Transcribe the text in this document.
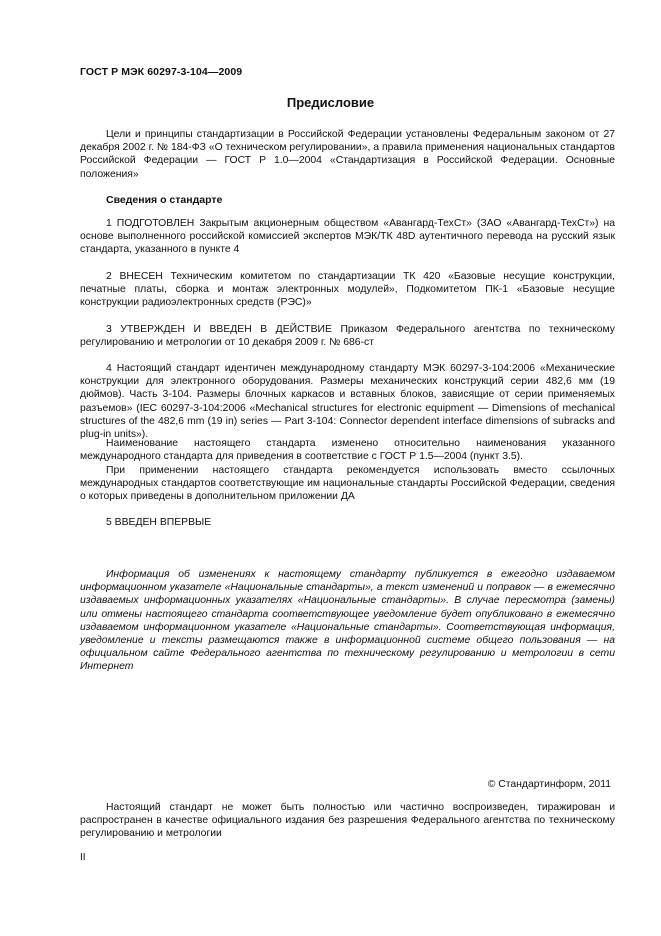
ГОСТ Р МЭК 60297-3-104—2009
Предисловие
Цели и принципы стандартизации в Российской Федерации установлены Федеральным законом от 27 декабря 2002 г. № 184-ФЗ «О техническом регулировании», а правила применения национальных стандартов Российской Федерации — ГОСТ Р 1.0—2004 «Стандартизация в Российской Федерации. Основные положения»
Сведения о стандарте
1 ПОДГОТОВЛЕН Закрытым акционерным обществом «Авангард-ТехСт» (ЗАО «Авангард-ТехСт») на основе выполненного российской комиссией экспертов МЭК/ТК 48D аутентичного перевода на русский язык стандарта, указанного в пункте 4
2 ВНЕСЕН Техническим комитетом по стандартизации ТК 420 «Базовые несущие конструкции, печатные платы, сборка и монтаж электронных модулей», Подкомитетом ПК-1 «Базовые несущие конструкции радиоэлектронных средств (РЭС)»
3 УТВЕРЖДЕН И ВВЕДЕН В ДЕЙСТВИЕ Приказом Федерального агентства по техническому регулированию и метрологии от 10 декабря 2009 г. № 686-ст
4 Настоящий стандарт идентичен международному стандарту МЭК 60297-3-104:2006 «Механические конструкции для электронного оборудования. Размеры механических конструкций серии 482,6 мм (19 дюймов). Часть 3-104. Размеры блочных каркасов и вставных блоков, зависящие от серии применяемых разъемов» (IEC 60297-3-104:2006 «Mechanical structures for electronic equipment — Dimensions of mechanical structures of the 482,6 mm (19 in) series — Part 3-104: Connector dependent interface dimensions of subracks and plug-in units»).
Наименование настоящего стандарта изменено относительно наименования указанного международного стандарта для приведения в соответствие с ГОСТ Р 1.5—2004 (пункт 3.5).
При применении настоящего стандарта рекомендуется использовать вместо ссылочных международных стандартов соответствующие им национальные стандарты Российской Федерации, сведения о которых приведены в дополнительном приложении ДА
5 ВВЕДЕН ВПЕРВЫЕ
Информация об изменениях к настоящему стандарту публикуется в ежегодно издаваемом информационном указателе «Национальные стандарты», а текст изменений и поправок — в ежемесячно издаваемых информационных указателях «Национальные стандарты». В случае пересмотра (замены) или отмены настоящего стандарта соответствующее уведомление будет опубликовано в ежемесячно издаваемом информационном указателе «Национальные стандарты». Соответствующая информация, уведомление и тексты размещаются также в информационной системе общего пользования — на официальном сайте Федерального агентства по техническому регулированию и метрологии в сети Интернет
© Стандартинформ, 2011
Настоящий стандарт не может быть полностью или частично воспроизведен, тиражирован и распространен в качестве официального издания без разрешения Федерального агентства по техническому регулированию и метрологии
II
